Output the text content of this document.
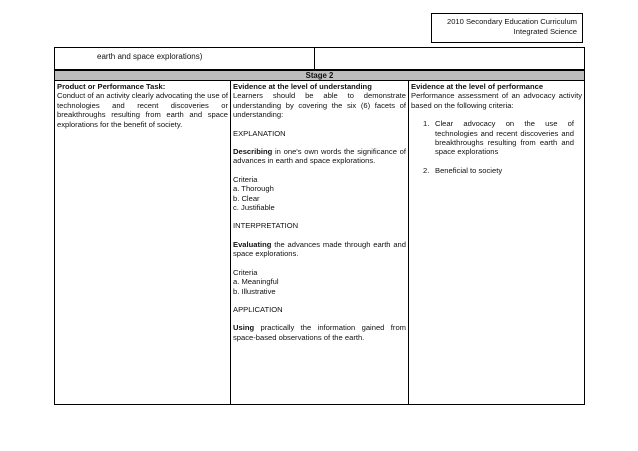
2010 Secondary Education Curriculum
Integrated Science
earth and space explorations)
Stage 2

Product or Performance Task:

Conduct of an activity clearly advocating the use of technologies and recent discoveries or breakthroughs resulting from earth and space explorations for the benefit of society.

Evidence at the level of understanding

Learners should be able to demonstrate understanding by covering the six (6) facets of understanding:

EXPLANATION

Describing in one's own words the significance of advances in earth and space explorations.

Criteria

a. Thorough

b. Clear

c. Justifiable

INTERPRETATION

Evaluating the advances made through earth and space explorations.

Criteria

a. Meaningful

b. Illustrative

APPLICATION

Using practically the information gained from space-based observations of the earth.

Evidence at the level of performance

Performance assessment of an advocacy activity based on the following criteria:

1. Clear advocacy on the use of technologies and recent discoveries and breakthroughs resulting from earth and space explorations
2. Beneficial to society
